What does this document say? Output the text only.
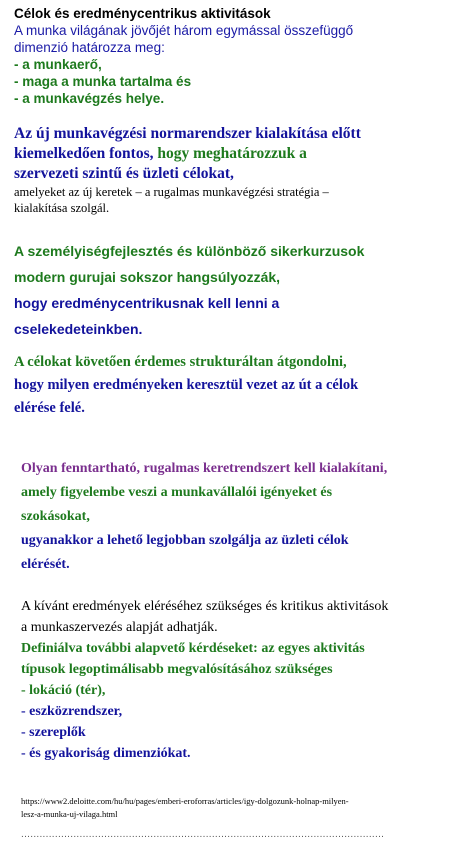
Célok és eredménycentrikus aktivitások
A munka világának jövőjét három egymással összefüggő
dimenzió határozza meg:
- a munkaerő,
- maga a munka tartalma és
- a munkavégzés helye.
Az új munkavégzési normarendszer kialakítása előtt
kiemelkedően fontos, hogy meghatározzuk a
szervezeti szintű és üzleti célokat,
amelyeket az új keretek – a rugalmas munkavégzési stratégia –
kialakítása szolgál.
A személyiségfejlesztés és különböző sikerkurzusok
modern gurujai sokszor hangsúlyozzák,
hogy eredménycentrikusnak kell lenni a
cselekedeteinkben.
A célokat követően érdemes strukturáltan átgondolni,
hogy milyen eredményeken keresztül vezet az út a célok
elérése felé.
Olyan fenntartható, rugalmas keretrendszert kell kialakítani,
amely figyelembe veszi a munkavállalói igényeket és
szokásokat,
ugyanakkor a lehető legjobban szolgálja az üzleti célok
elérését.
A kívánt eredmények eléréséhez szükséges és kritikus aktivitások
a munkaszervezés alapját adhatják.
Definiálva további alapvető kérdéseket: az egyes aktivitás
típusok legoptimálisabb megvalósításához szükséges
- lokáció (tér),
- eszközrendszer,
- szereplők
- és gyakoriság dimenziókat.
https://www2.deloitte.com/hu/hu/pages/emberi-eroforras/articles/igy-dolgozunk-holnap-milyen-
lesz-a-munka-uj-vilaga.html
......................................................................................................................
